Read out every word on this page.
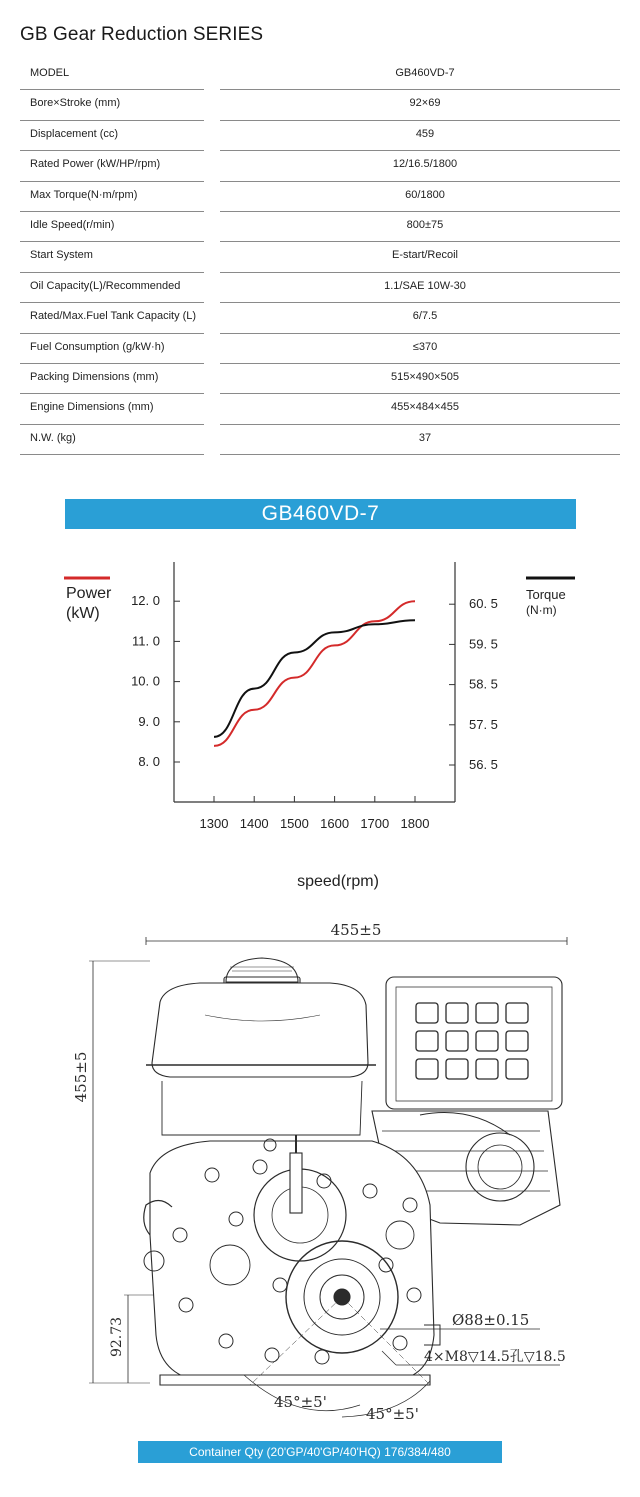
GB Gear Reduction SERIES
MODEL	GB460VD-7
Bore×Stroke (mm)	92×69
Displacement (cc)	459
Rated Power (kW/HP/rpm)	12/16.5/1800
Max Torque(N·m/rpm)	60/1800
Idle Speed(r/min)	800±75
Start System	E-start/Recoil
Oil Capacity(L)/Recommended	1.1/SAE 10W-30
Rated/Max.Fuel Tank Capacity (L)	6/7.5
Fuel Consumption (g/kW·h)	≤370
Packing Dimensions (mm)	515×490×505
Engine Dimensions (mm)	455×484×455
N.W. (kg)	37
GB460VD-7
1300 1400 1500 1600 1700 1800
8. 0
9. 0
10. 0
11. 0
12. 0
56. 5
57. 5
58. 5
59. 5
60. 5
Power
(kW)
Torque
(N·m)
speed(rpm)
455±5
455±5
92.73	Ø88±0.15
4×M8▽14.5孔▽18.5
45°±5'
45°±5'
Container Qty (20'GP/40'GP/40'HQ) 176/384/480
